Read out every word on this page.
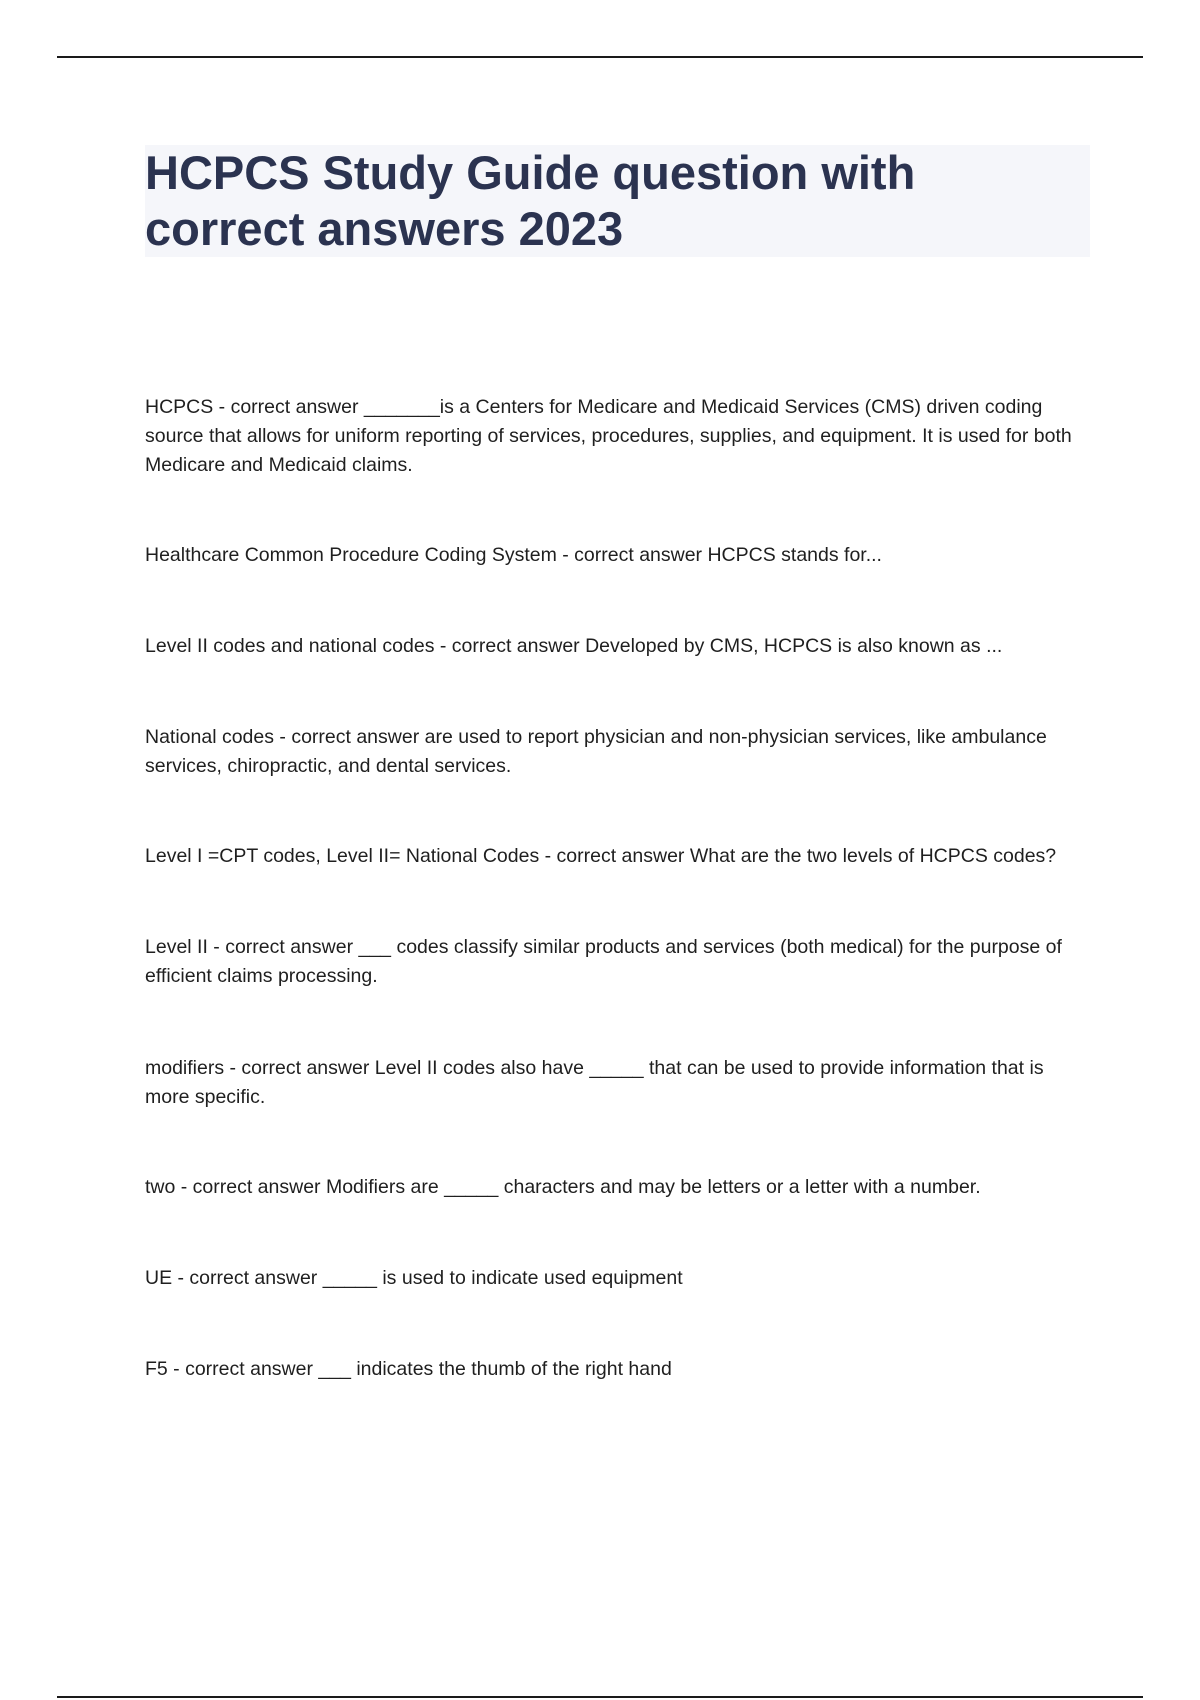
HCPCS Study Guide question with
correct answers 2023

HCPCS - correct answer _______is a Centers for Medicare and Medicaid Services (CMS) driven coding source that allows for uniform reporting of services, procedures, supplies, and equipment. It is used for both Medicare and Medicaid claims.

Healthcare Common Procedure Coding System - correct answer HCPCS stands for...

Level II codes and national codes - correct answer Developed by CMS, HCPCS is also known as ...

National codes - correct answer are used to report physician and non-physician services, like ambulance services, chiropractic, and dental services.

Level I =CPT codes, Level II= National Codes - correct answer What are the two levels of HCPCS codes?

Level II - correct answer ___ codes classify similar products and services (both medical) for the purpose of efficient claims processing.

modifiers - correct answer Level II codes also have _____ that can be used to provide information that is more specific.

two - correct answer Modifiers are _____ characters and may be letters or a letter with a number.

UE - correct answer _____ is used to indicate used equipment

F5 - correct answer ___ indicates the thumb of the right hand
